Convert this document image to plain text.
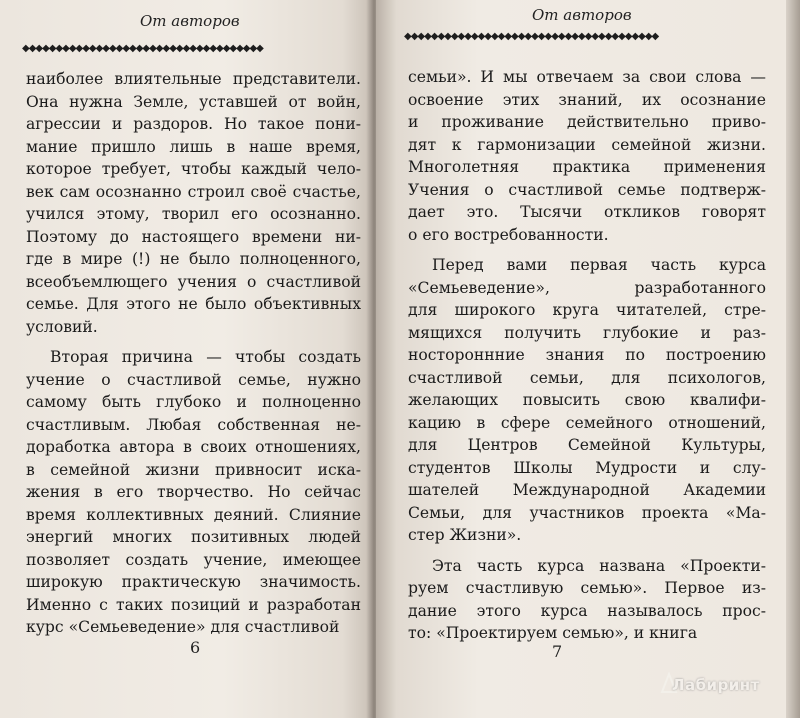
От авторов
◆◆◆◆◆◆◆◆◆◆◆◆◆◆◆◆◆◆◆◆◆◆◆◆◆◆◆◆◆◆◆◆◆◆◆◆
наиболее влиятельные представители.
Она нужна Земле, уставшей от войн,
агрессии и раздоров. Но такое пони-
мание пришло лишь в наше время,
которое требует, чтобы каждый чело-
век сам осознанно строил своё счастье,
учился этому, творил его осознанно.
Поэтому до настоящего времени ни-
где в мире (!) не было полноценного,
всеобъемлющего учения о счастливой
семье. Для этого не было объективных
условий.
Вторая причина — чтобы создать
учение о счастливой семье, нужно
самому быть глубоко и полноценно
счастливым. Любая собственная не-
доработка автора в своих отношениях,
в семейной жизни привносит иска-
жения в его творчество. Но сейчас
время коллективных деяний. Слияние
энергий многих позитивных людей
позволяет создать учение, имеющее
широкую практическую значимость.
Именно с таких позиций и разработан
курс «Семьеведение» для счастливой
6
От авторов
◆◆◆◆◆◆◆◆◆◆◆◆◆◆◆◆◆◆◆◆◆◆◆◆◆◆◆◆◆◆◆◆◆◆◆◆◆◆
семьи». И мы отвечаем за свои слова —
освоение этих знаний, их осознание
и проживание действительно приво-
дят к гармонизации семейной жизни.
Многолетняя практика применения
Учения о счастливой семье подтверж-
дает это. Тысячи откликов говорят
о его востребованности.
Перед вами первая часть курса
«Семьеведение», разработанного
для широкого круга читателей, стре-
мящихся получить глубокие и раз-
ностороннние знания по построению
счастливой семьи, для психологов,
желающих повысить свою квалифи-
кацию в сфере семейного отношений,
для Центров Семейной Культуры,
студентов Школы Мудрости и слу-
шателей Международной Академии
Семьи, для участников проекта «Ма-
стер Жизни».
Эта часть курса названа «Проекти-
руем счастливую семью». Первое из-
дание этого курса называлось прос-
то: «Проектируем семью», и книга
7
Лабиринт
